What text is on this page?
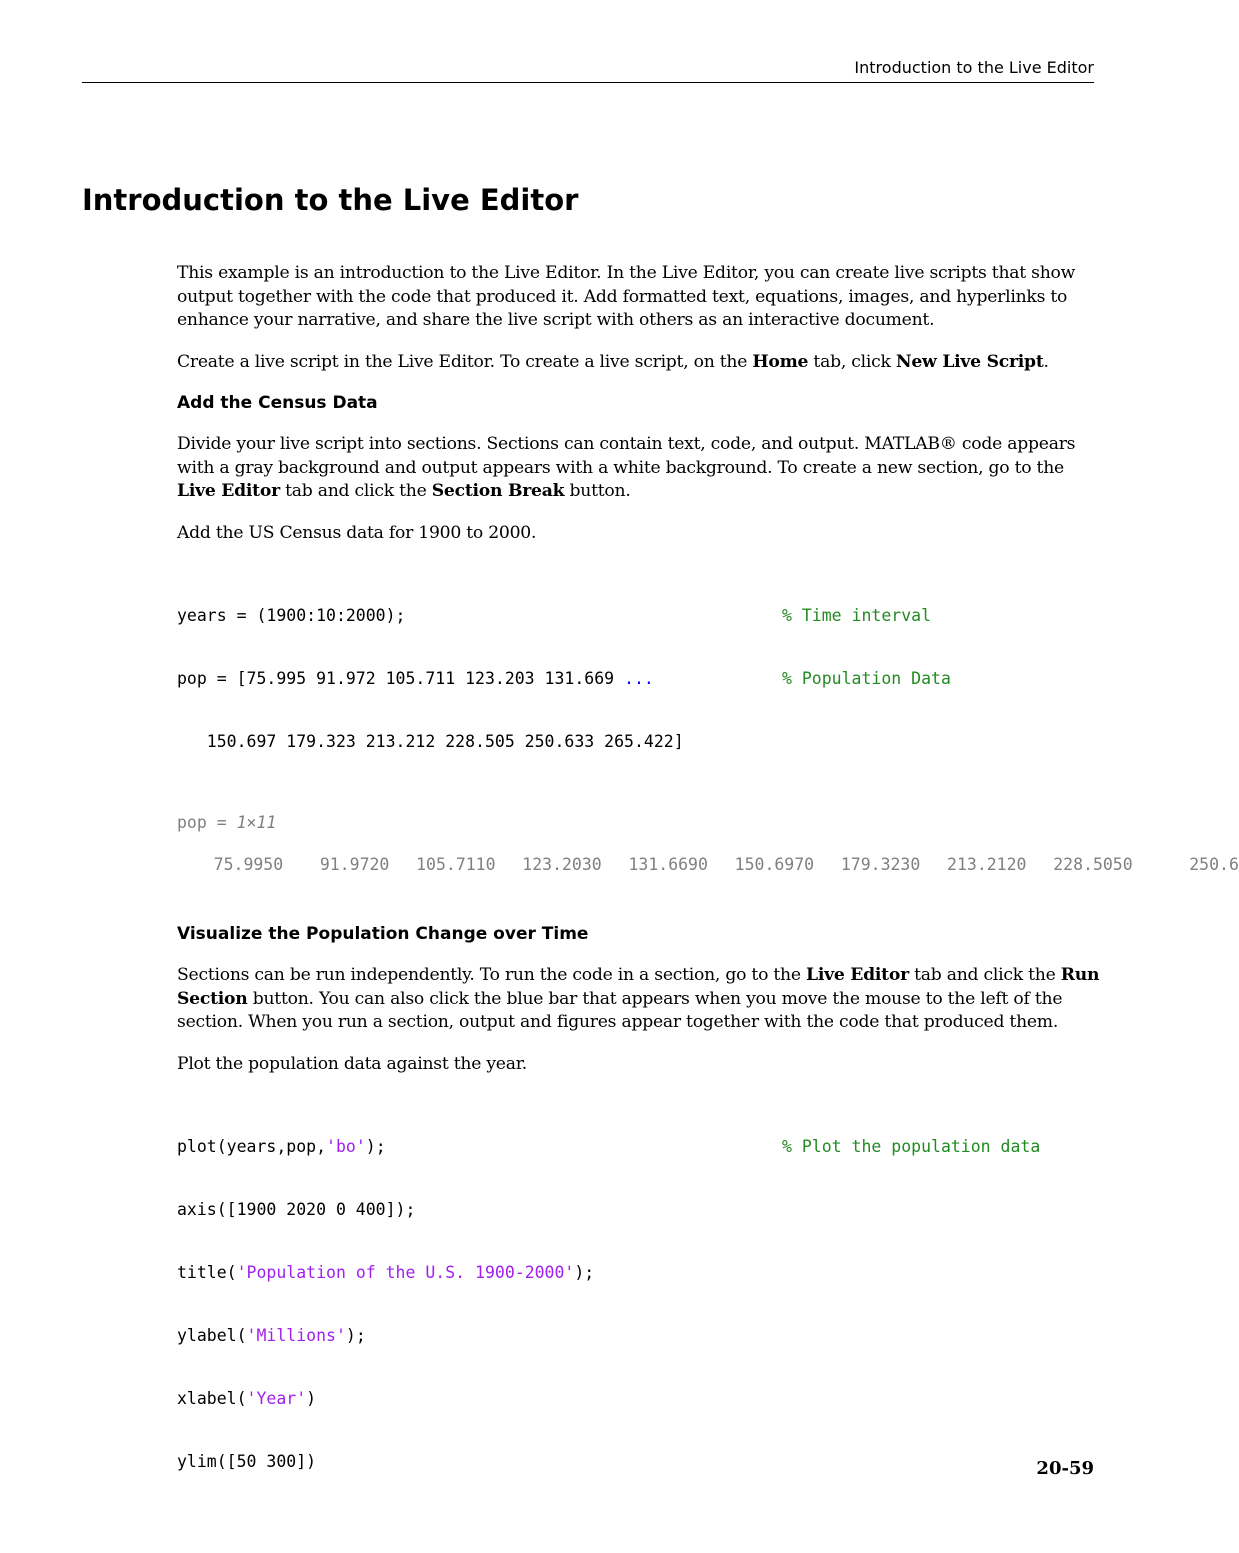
Introduction to the Live Editor
Introduction to the Live Editor

This example is an introduction to the Live Editor. In the Live Editor, you can create live scripts that show output together with the code that produced it. Add formatted text, equations, images, and hyperlinks to enhance your narrative, and share the live script with others as an interactive document.

Create a live script in the Live Editor. To create a live script, on the Home tab, click New Live Script.

Add the Census Data

Divide your live script into sections. Sections can contain text, code, and output. MATLAB® code appears with a gray background and output appears with a white background. To create a new section, go to the Live Editor tab and click the Section Break button.

Add the US Census data for 1900 to 2000.

years = (1900:10:2000);	% Time interval

pop = [75.995 91.972 105.711 123.203 131.669 ...	% Population Data

150.697 179.323 213.212 228.505 250.633 265.422]

pop = 1×11
75.9950	91.9720	105.7110	123.2030	131.6690	150.6970	179.3230	213.2120	228.5050	250.6
Visualize the Population Change over Time

Sections can be run independently. To run the code in a section, go to the Live Editor tab and click the Run Section button. You can also click the blue bar that appears when you move the mouse to the left of the section. When you run a section, output and figures appear together with the code that produced them.

Plot the population data against the year.

plot(years,pop,'bo');	% Plot the population data

axis([1900 2020 0 400]);

title('Population of the U.S. 1900-2000');

ylabel('Millions');

xlabel('Year')

ylim([50 300])

	20-59
